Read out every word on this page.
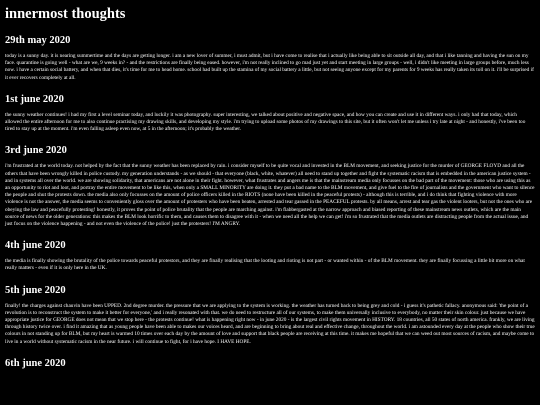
innermost thoughts
29th may 2020

today is a sunny day. it is nearing summertime and the days are getting longer. i am a new lover of summer, i must admit, but i have come to realise that i actually like being able to sit outside all day, and that i like tanning and having the sun on my face. quarantine is going well - what are we, 9 weeks in? - and the restrictions are finally being eased. however, i'm not really inclined to go mad just yet and start meeting in large groups - well, i didn't like meeting in large groups before, much less now. i have a certain social battery, and when that dies, it's time for me to head home. school had built up the stamina of my social battery a little, but not seeing anyone except for my parents for 9 weeks has really taken its toll on it. i'll be surprised if it ever recovers completely at all.

1st june 2020

the sunny weather continues! i had my first a level seminar today, and luckily it was photography. super interesting, we talked about positive and negative space, and how you can create and use it in different ways. i only had that today, which allowed the entire afternoon for me to also continue practising my drawing skills, and developing my style. i'm trying to upload some photos of my drawings to this site, but it often won't let me unless i try late at night - and honestly, i've been too tired to stay up at the moment. i'm even falling asleep even now, at 5 in the afternoon; it's probably the weather.

3rd june 2020

i'm frustrated at the world today. not helped by the fact that the sunny weather has been replaced by rain. i consider myself to be quite vocal and invested in the BLM movement, and seeking justice for the murder of GEORGE FLOYD and all the others that have been wrongly killed in police custody. my generation understands - as we should - that everyone (black, white, whatever) all need to stand up together and fight the systematic racism that is embedded in the american justice system - and in systems all over the world. we are showing solidarity, that americans are not alone in their fight. however, what frustrates and angers me is that the mainstream media only focusses on the bad part of the movement: those who are using this as an opportunity to riot and loot, and portray the entire movement to be like this, when only a SMALL MINORITY are doing it. they put a bad name to the BLM movement, and give fuel to the fire of journalists and the government who want to silence the people and shut the protests down. the media also only focusses on the amount of police officers killed in the RIOTS (none have been killed in the peaceful protests) - although this is terrible, and i do think that fighting violence with more violence is not the answer, the media seems to conveniently gloss over the amount of protesters who have been beaten, arrested and tear gassed in the PEACEFUL protests. by all means, arrest and tear gas the violent looters, but not the ones who are obeying the law and peacefully protesting! honestly, it proves the point of police brutality that the people are marching against. i'm flabbergasted at the narrow approach and biased reporting of these mainstream news outlets, which are the main source of news for the older generations: this makes the BLM look horrific to them, and causes them to disagree with it - when we need all the help we can get! i'm so frustrated that the media outlets are distracting people from the actual issue, and just focus on the violence happening - and not even the violence of the police! just the protesters! I'M ANGRY.

4th june 2020

the media is finally showing the brutality of the police towards peaceful protestors, and they are finally realising that the looting and rioting is not part - or wanted within - of the BLM movement. they are finally focussing a little bit more on what really matters - even if it is only here in the UK.

5th june 2020

finally! the charges against chauvin have been UPPED. 2nd degree murder. the pressure that we are applying to the system is working. the weather has turned back to being grey and cold - i guess it's pathetic fallacy. anonymous said: 'the point of a revolution is to reconstruct the system to make it better for everyone,' and i really resonated with that. we do need to restructure all of our systems, to make them universally inclusive to everybody, no matter their skin colour. just because we have appropriate justice for GEORGE does not mean that we stop here - the protests continue! what is happening right now - in june 2020 - is the largest civil rights movement in HISTORY. 18 countries, all 50 states of north america. frankly, we are living through history twice over. i find it amazing that as young people have been able to makes our voices heard, and are beginning to bring about real and effective change, throughout the world. i am astounded every day at the people who show their true colours in not standing up for BLM, but my heart is warmed 10 times over each day by the amount of love and support that black people are receiving at this time. it makes me hopeful that we can weed out most sources of racism, and maybe come to live in a world without systematic racism in the near future. i will continue to fight, for i have hope. I HAVE HOPE.

6th june 2020
